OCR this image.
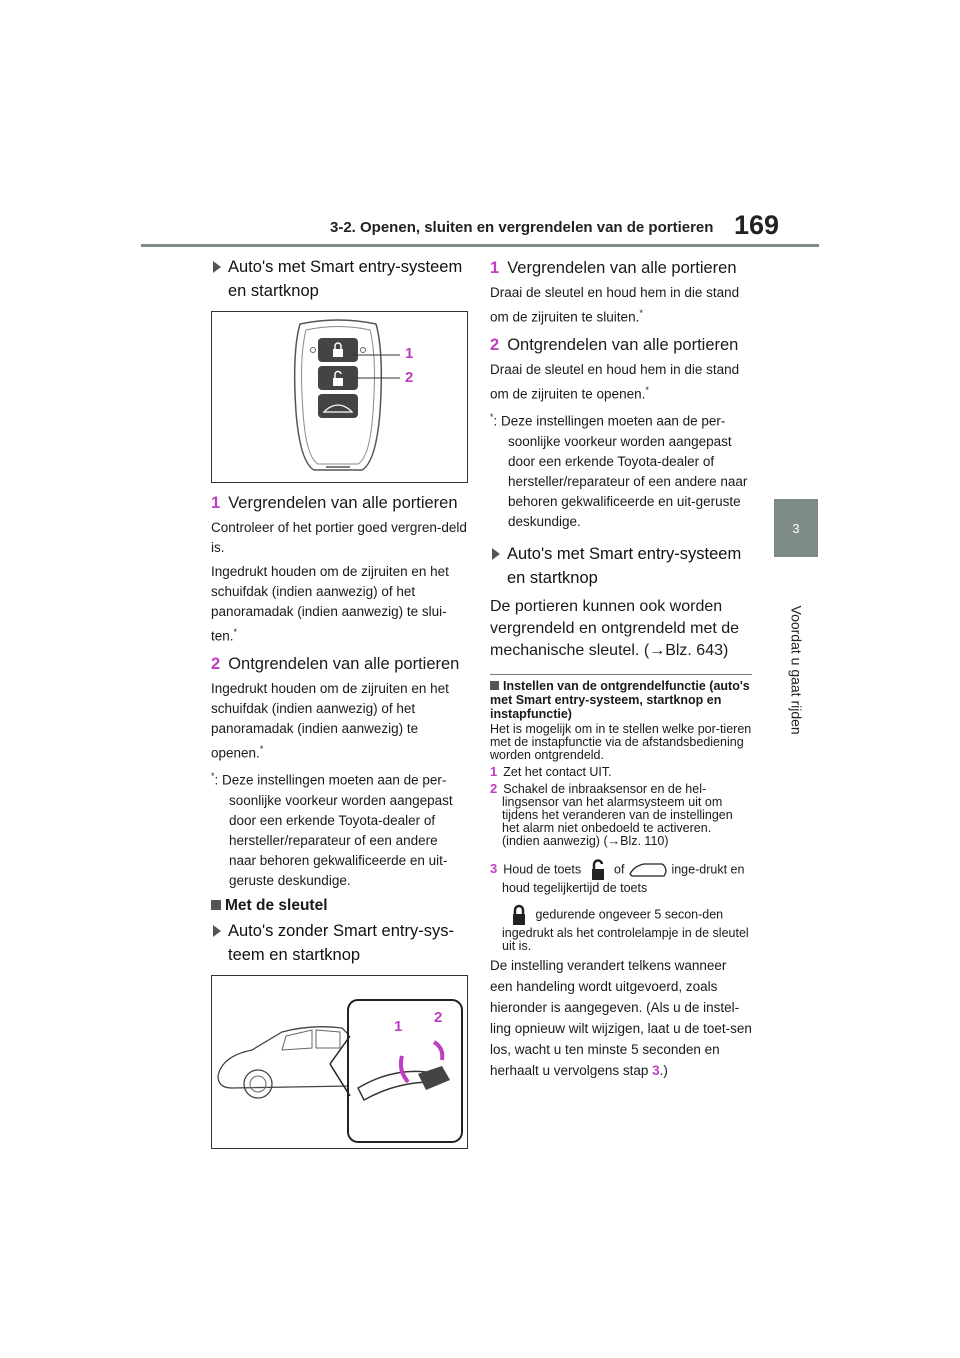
3-2. Openen, sluiten en vergrendelen van de portieren 169
3
Voordat u gaat rijden
Auto's met Smart entry-systeem en startknop
1
2
1 Vergrendelen van alle portieren
Controleer of het portier goed vergren-deld is.
Ingedrukt houden om de zijruiten en het schuifdak (indien aanwezig) of het panoramadak (indien aanwezig) te slui-ten.*
2 Ontgrendelen van alle portieren
Ingedrukt houden om de zijruiten en het schuifdak (indien aanwezig) of het panoramadak (indien aanwezig) te openen.*
*: Deze instellingen moeten aan de per-soonlijke voorkeur worden aangepast door een erkende Toyota-dealer of hersteller/reparateur of een andere naar behoren gekwalificeerde en uit-geruste deskundige.
Met de sleutel
Auto's zonder Smart entry-sys-teem en startknop
1
2
1 Vergrendelen van alle portieren
Draai de sleutel en houd hem in die stand om de zijruiten te sluiten.*
2 Ontgrendelen van alle portieren
Draai de sleutel en houd hem in die stand om de zijruiten te openen.*
*: Deze instellingen moeten aan de per-soonlijke voorkeur worden aangepast door een erkende Toyota-dealer of hersteller/reparateur of een andere naar behoren gekwalificeerde en uit-geruste deskundige.
Auto's met Smart entry-systeem en startknop
De portieren kunnen ook worden vergrendeld en ontgrendeld met de mechanische sleutel. (→Blz. 643)
Instellen van de ontgrendelfunctie (auto's met Smart entry-systeem, startknop en instapfunctie)
Het is mogelijk om in te stellen welke por-tieren met de instapfunctie via de afstandsbediening worden ontgrendeld.
1 Zet het contact UIT.
2 Schakel de inbraaksensor en de hel-lingsensor van het alarmsysteem uit om tijdens het veranderen van de instellingen het alarm niet onbedoeld te activeren. (indien aanwezig) (→Blz. 110)
3 Houd de toets	of	inge-drukt en houd tegelijkertijd de toets
gedurende ongeveer 5 secon-den ingedrukt als het controlelampje in de sleutel uit is.
De instelling verandert telkens wanneer een handeling wordt uitgevoerd, zoals hieronder is aangegeven. (Als u de instel-ling opnieuw wilt wijzigen, laat u de toet-sen los, wacht u ten minste 5 seconden en herhaalt u vervolgens stap 3.)
